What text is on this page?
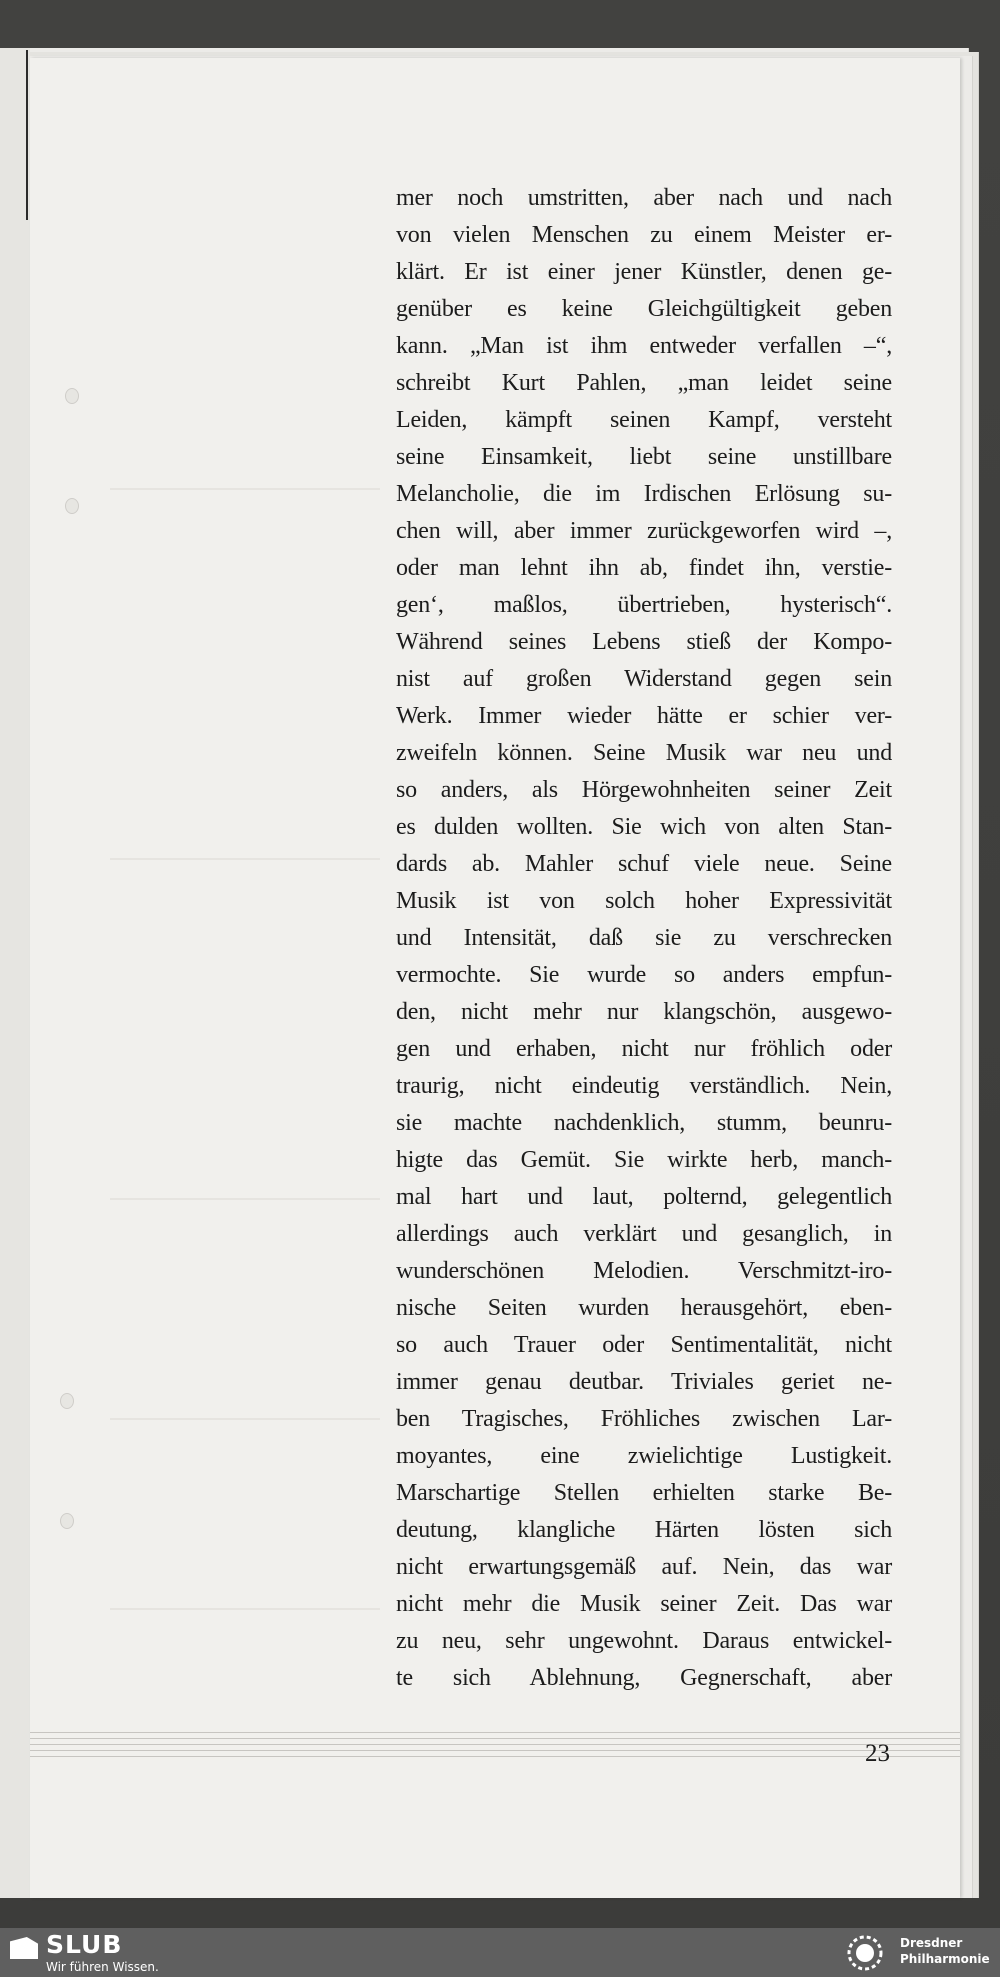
mer noch umstritten, aber nach und nach
von vielen Menschen zu einem Meister er-
klärt. Er ist einer jener Künstler, denen ge-
genüber es keine Gleichgültigkeit geben
kann. „Man ist ihm entweder verfallen –“,
schreibt Kurt Pahlen, „man leidet seine
Leiden, kämpft seinen Kampf, versteht
seine Einsamkeit, liebt seine unstillbare
Melancholie, die im Irdischen Erlösung su-
chen will, aber immer zurückgeworfen wird –,
oder man lehnt ihn ab, findet ihn, verstie-
gen‘, maßlos, übertrieben, hysterisch“.
Während seines Lebens stieß der Kompo-
nist auf großen Widerstand gegen sein
Werk. Immer wieder hätte er schier ver-
zweifeln können. Seine Musik war neu und
so anders, als Hörgewohnheiten seiner Zeit
es dulden wollten. Sie wich von alten Stan-
dards ab. Mahler schuf viele neue. Seine
Musik ist von solch hoher Expressivität
und Intensität, daß sie zu verschrecken
vermochte. Sie wurde so anders empfun-
den, nicht mehr nur klangschön, ausgewo-
gen und erhaben, nicht nur fröhlich oder
traurig, nicht eindeutig verständlich. Nein,
sie machte nachdenklich, stumm, beunru-
higte das Gemüt. Sie wirkte herb, manch-
mal hart und laut, polternd, gelegentlich
allerdings auch verklärt und gesanglich, in
wunderschönen Melodien. Verschmitzt-iro-
nische Seiten wurden herausgehört, eben-
so auch Trauer oder Sentimentalität, nicht
immer genau deutbar. Triviales geriet ne-
ben Tragisches, Fröhliches zwischen Lar-
moyantes, eine zwielichtige Lustigkeit.
Marschartige Stellen erhielten starke Be-
deutung, klangliche Härten lösten sich
nicht erwartungsgemäß auf. Nein, das war
nicht mehr die Musik seiner Zeit. Das war
zu neu, sehr ungewohnt. Daraus entwickel-
te sich Ablehnung, Gegnerschaft, aber
23
SLUB
Wir führen Wissen.
Dresdner
Philharmonie
